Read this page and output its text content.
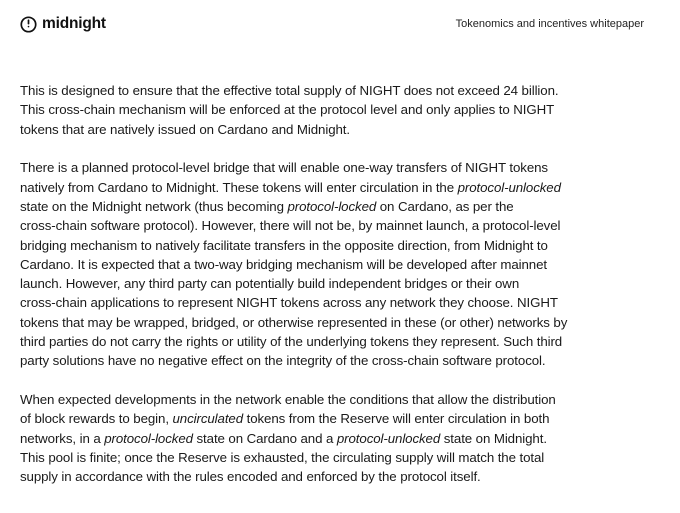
midnight	Tokenomics and incentives whitepaper

This is designed to ensure that the effective total supply of NIGHT does not exceed 24 billion.
This cross-chain mechanism will be enforced at the protocol level and only applies to NIGHT
tokens that are natively issued on Cardano and Midnight.

There is a planned protocol-level bridge that will enable one-way transfers of NIGHT tokens
natively from Cardano to Midnight. These tokens will enter circulation in the protocol-unlocked
state on the Midnight network (thus becoming protocol-locked on Cardano, as per the
cross-chain software protocol). However, there will not be, by mainnet launch, a protocol-level
bridging mechanism to natively facilitate transfers in the opposite direction, from Midnight to
Cardano. It is expected that a two-way bridging mechanism will be developed after mainnet
launch. However, any third party can potentially build independent bridges or their own
cross-chain applications to represent NIGHT tokens across any network they choose. NIGHT
tokens that may be wrapped, bridged, or otherwise represented in these (or other) networks by
third parties do not carry the rights or utility of the underlying tokens they represent. Such third
party solutions have no negative effect on the integrity of the cross-chain software protocol.

When expected developments in the network enable the conditions that allow the distribution
of block rewards to begin, uncirculated tokens from the Reserve will enter circulation in both
networks, in a protocol-locked state on Cardano and a protocol-unlocked state on Midnight.
This pool is finite; once the Reserve is exhausted, the circulating supply will match the total
supply in accordance with the rules encoded and enforced by the protocol itself.
